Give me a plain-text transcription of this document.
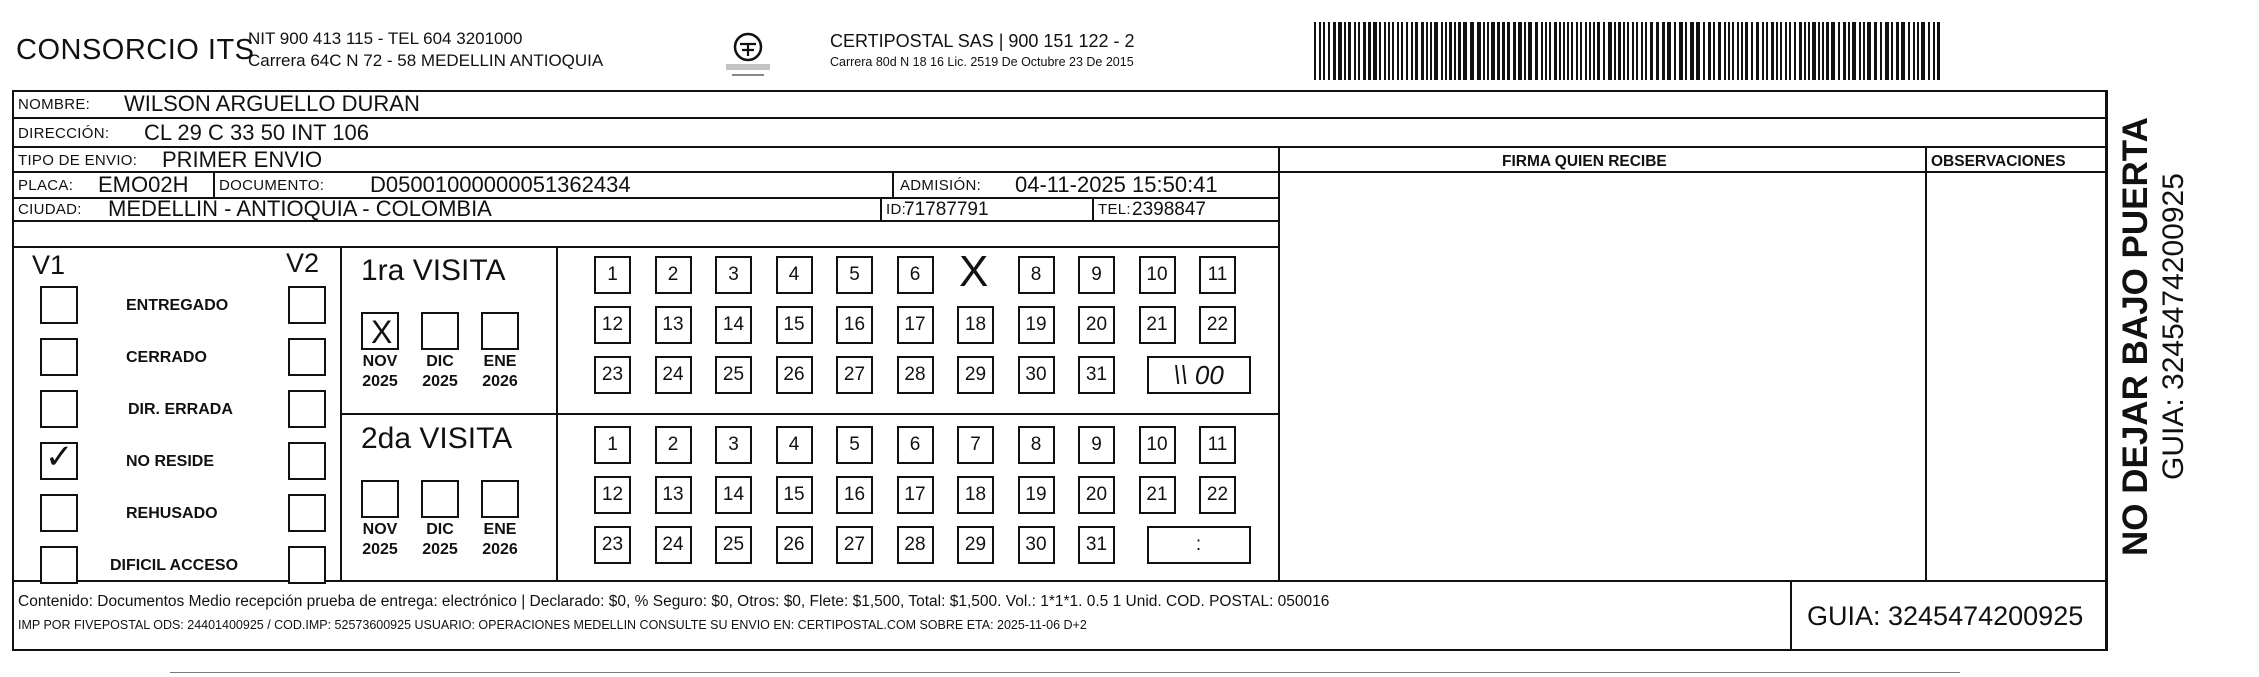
CONSORCIO ITS
NIT 900 413 115 - TEL 604 3201000
Carrera 64C N 72 - 58 MEDELLIN ANTIOQUIA
CERTIPOSTAL SAS | 900 151 122 - 2
Carrera 80d N 18 16 Lic. 2519 De Octubre 23 De 2015
NOMBRE: WILSON ARGUELLO DURAN
DIRECCIÓN: CL 29 C 33 50 INT 106
TIPO DE ENVIO: PRIMER ENVIO	FIRMA QUIEN RECIBE	OBSERVACIONES
PLACA: EMO02H DOCUMENTO: D05001000000051362434	ADMISIÓN: 04-11-2025 15:50:41
CIUDAD: MEDELLIN - ANTIOQUIA - COLOMBIA	ID:
71787791	TEL: 2398847
V1	V2
ENTREGADO
CERRADO
DIR. ERRADA
✓	NO RESIDE
REHUSADO
DIFICIL ACCESO
1ra VISITA
2da VISITA
X
NOV
2025
DIC
2025
ENE
2026
NOV
2025
DIC
2025
ENE
2026
1	2	3	4	5	6 X	8	9	10	11
12	13	14	15	16	17	18	19	20	21	22
23	24	25	26	27	28	29	30	31	\\ 00
1	2	3	4	5	6	7	8	9	10	11
12	13	14	15	16	17	18	19	20	21	22
23	24	25	26	27	28	29	30	31	:	NO DEJAR BAJO PUERTA GUIA: 3245474200925
Contenido: Documentos Medio recepción prueba de entrega: electrónico | Declarado: $0, % Seguro: $0, Otros: $0, Flete: $1,500, Total: $1,500. Vol.: 1*1*1. 0.5 1 Unid. COD. POSTAL: 050016
IMP POR FIVEPOSTAL ODS: 24401400925 / COD.IMP: 52573600925 USUARIO: OPERACIONES MEDELLIN CONSULTE SU ENVIO EN: CERTIPOSTAL.COM SOBRE ETA: 2025-11-06 D+2	GUIA: 3245474200925
